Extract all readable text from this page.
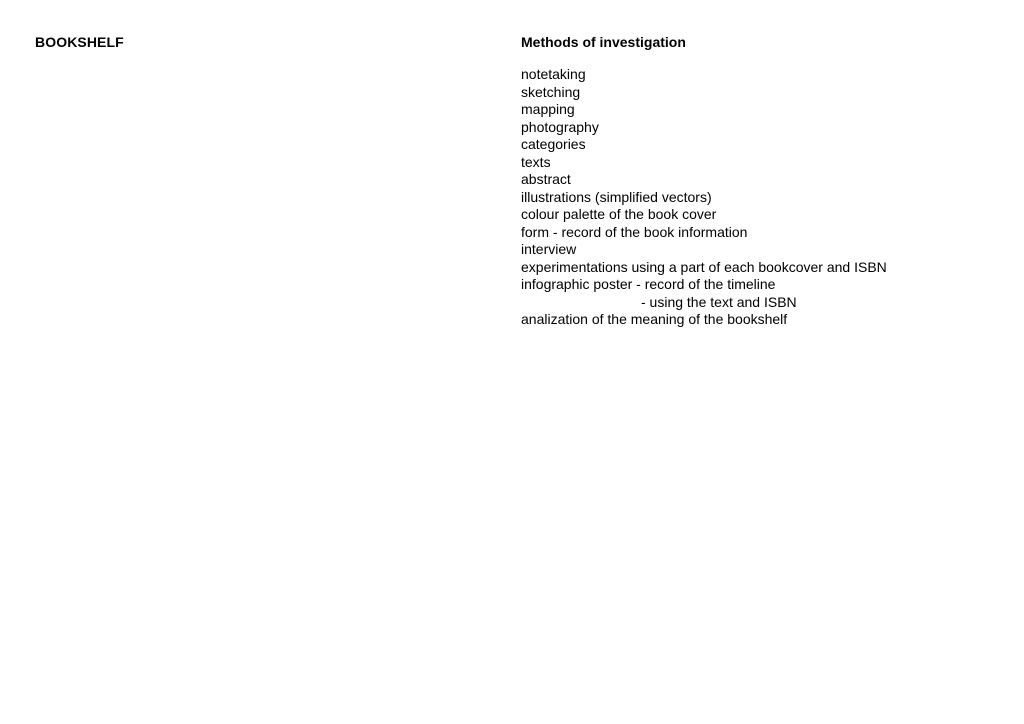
BOOKSHELF	Methods of investigation
notetaking
sketching
mapping
photography
categories
texts
abstract
illustrations (simplified vectors)
colour palette of the book cover
form - record of the book information
interview
experimentations using a part of each bookcover and ISBN
infographic poster - record of the timeline
- using the text and ISBN
analization of the meaning of the bookshelf
